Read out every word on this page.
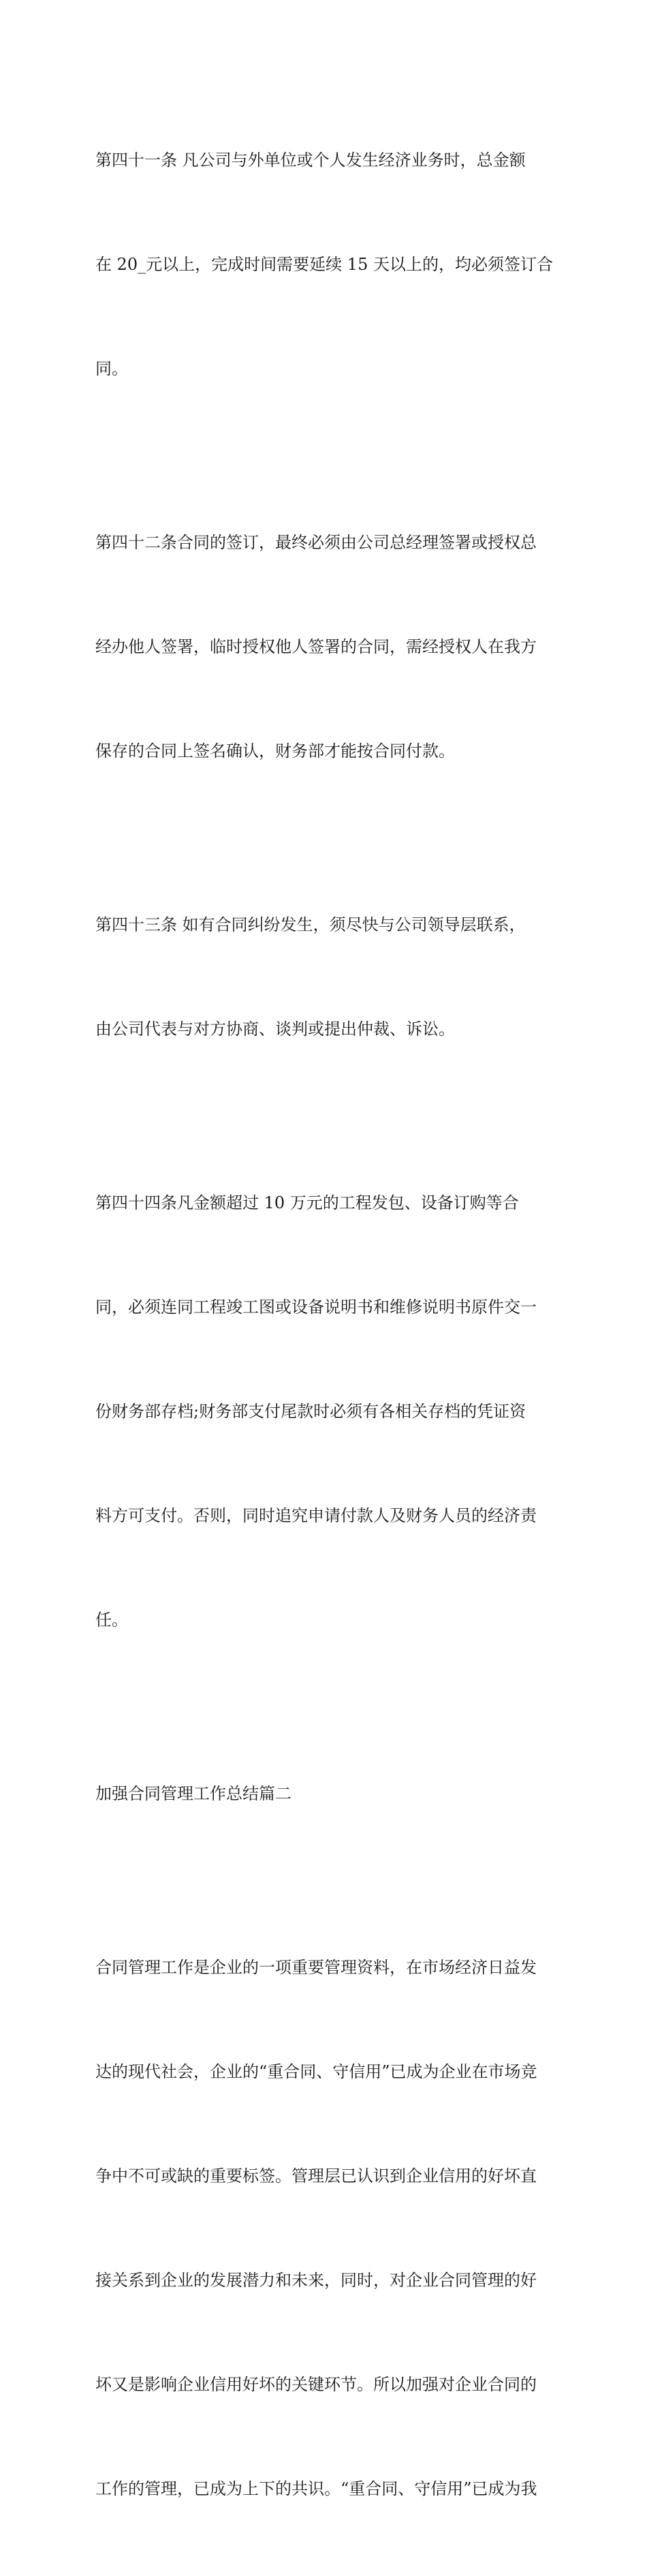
第四十一条 凡公司与外单位或个人发生经济业务时，总金额

在 20_元以上，完成时间需要延续 15 天以上的，均必须签订合

同。

第四十二条合同的签订，最终必须由公司总经理签署或授权总

经办他人签署，临时授权他人签署的合同，需经授权人在我方

保存的合同上签名确认，财务部才能按合同付款。

第四十三条 如有合同纠纷发生，须尽快与公司领导层联系，

由公司代表与对方协商、谈判或提出仲裁、诉讼。

第四十四条凡金额超过 10 万元的工程发包、设备订购等合

同，必须连同工程竣工图或设备说明书和维修说明书原件交一

份财务部存档;财务部支付尾款时必须有各相关存档的凭证资

料方可支付。否则，同时追究申请付款人及财务人员的经济责

任。

加强合同管理工作总结篇二

合同管理工作是企业的一项重要管理资料，在市场经济日益发

达的现代社会，企业的“重合同、守信用”已成为企业在市场竞

争中不可或缺的重要标签。管理层已认识到企业信用的好坏直

接关系到企业的发展潜力和未来，同时，对企业合同管理的好

坏又是影响企业信用好坏的关键环节。所以加强对企业合同的

工作的管理，已成为上下的共识。“重合同、守信用”已成为我
